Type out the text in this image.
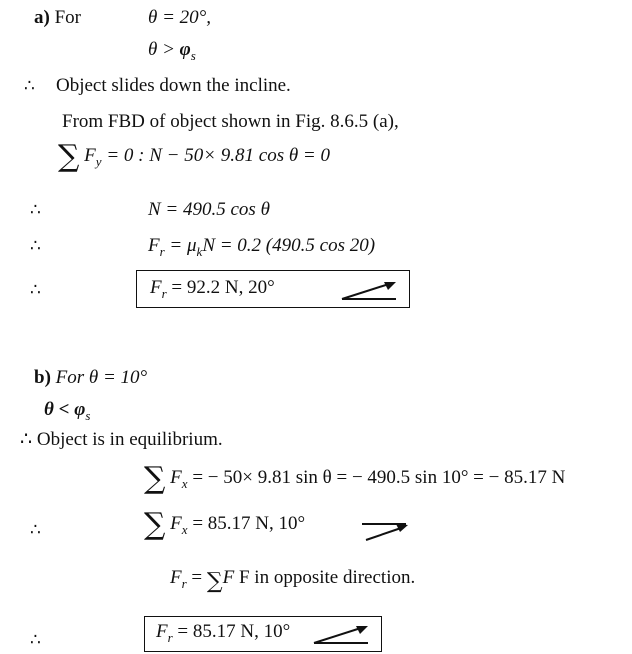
a) For	θ = 20°,
$\theta > \varphi_s$
∴ Object slides down the incline.
From FBD of object shown in Fig. 8.6.5 (a),
∑ $F_y = 0$ : N − 50× 9.81 cos θ = 0
∴	N = 490.5 cos θ
∴	$F_r = \mu_kN = 0.2$ (490.5 cos 20)
∴	$F_r = 92.2$ N, 20°
b) For θ = 10°
$\theta < \varphi_s$
∴ Object is in equilibrium.
∑ $F_x$ = − 50× 9.81 sin θ = − 490.5 sin 10° = − 85.17 N
∴	∑ $F_x = 85.17$ N, 10°
$F_r = \sum F$ F in opposite direction.
∴	$F_r = 85.17$ N, 10°
